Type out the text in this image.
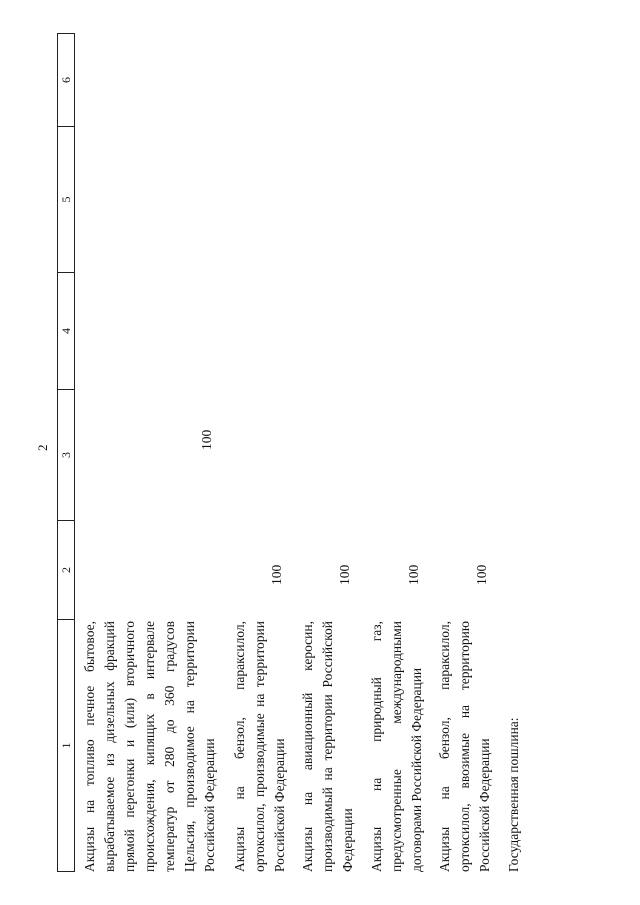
2
1
2
3
4
5
6
Акцизы на топливо печное бытовое, вырабатываемое из дизельных фракций прямой перегонки и (или) вторичного происхождения, кипящих в интервале температур от 280 до 360 градусов Цельсия, производимое на территории Российской Федерации
100
Акцизы на бензол, параксилол, ортоксилол, производимые на территории Российской Федерации
100
Акцизы на авиационный керосин, производимый на территории Российской Федерации
100
Акцизы на природный газ, предусмотренные международными договорами Российской Федерации
100
Акцизы на бензол, параксилол, ортоксилол, ввозимые на территорию Российской Федерации
100
Государственная пошлина:
